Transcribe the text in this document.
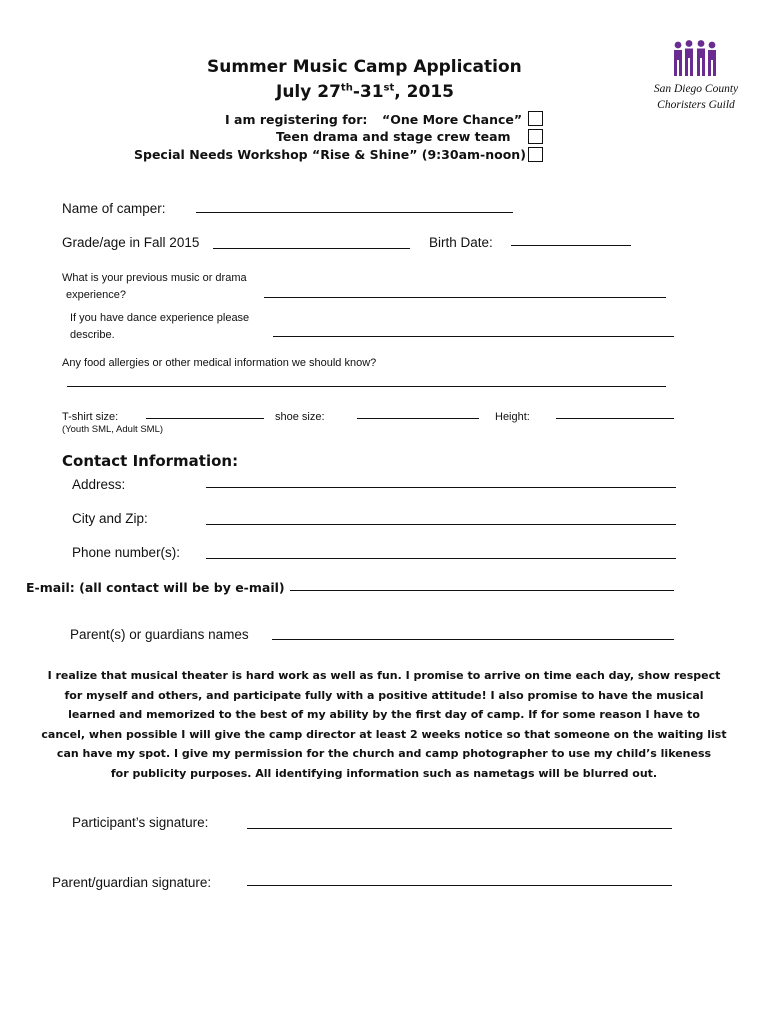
Summer Music Camp Application
July 27th-31st, 2015	San Diego County
Choristers Guild
I am registering for: “One More Chance”
Teen drama and stage crew team
Special Needs Workshop “Rise & Shine” (9:30am-noon)
Name of camper:
Grade/age in Fall 2015	Birth Date:
What is your previous music or drama
experience?
If you have dance experience please
describe.
Any food allergies or other medical information we should know?
T-shirt size:
(Youth SML, Adult SML)
shoe size:	Height:
Contact Information:
Address:
City and Zip:
Phone number(s):
E-mail: (all contact will be by e-mail)
Parent(s) or guardians names
I realize that musical theater is hard work as well as fun. I promise to arrive on time each day, show respect
for myself and others, and participate fully with a positive attitude! I also promise to have the musical
learned and memorized to the best of my ability by the first day of camp. If for some reason I have to
cancel, when possible I will give the camp director at least 2 weeks notice so that someone on the waiting list
can have my spot. I give my permission for the church and camp photographer to use my child’s likeness
for publicity purposes. All identifying information such as nametags will be blurred out.
Participant’s signature:
Parent/guardian signature:
